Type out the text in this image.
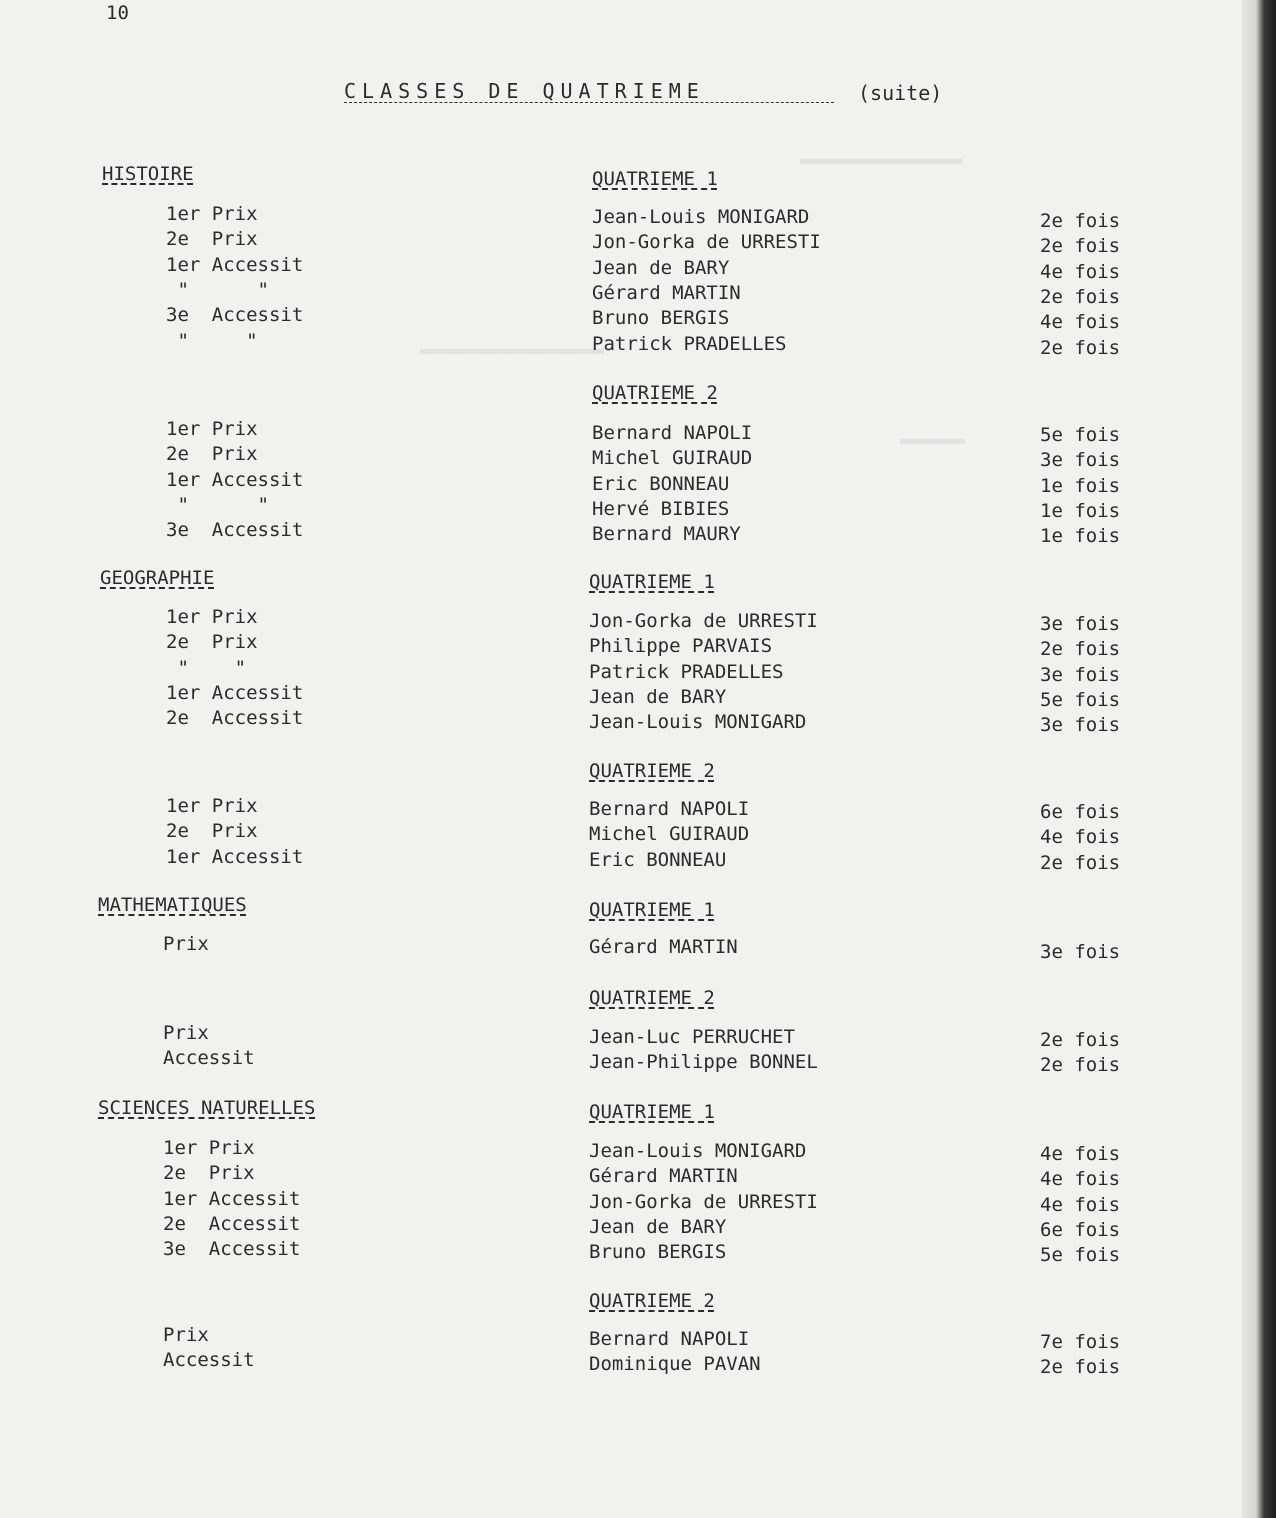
▬▬▬▬▬▬▬▬▬▬▬▬▬▬▬
▬▬▬▬▬▬▬▬▬▬▬▬▬▬▬▬▬
▬▬▬▬▬▬
10
CLASSES DE QUATRIEME	(suite)
HISTOIRE	QUATRIEME 1
1er Prix	Jean-Louis MONIGARD	2e fois
2e  Prix	Jon-Gorka de URRESTI	2e fois
1er Accessit	Jean de BARY	4e fois
"      "	Gérard MARTIN	2e fois
3e  Accessit	Bruno BERGIS	4e fois
"     "	Patrick PRADELLES	2e fois
QUATRIEME 2
1er Prix	Bernard NAPOLI	5e fois
2e  Prix	Michel GUIRAUD	3e fois
1er Accessit	Eric BONNEAU	1e fois
"      "	Hervé BIBIES	1e fois
3e  Accessit	Bernard MAURY	1e fois
GEOGRAPHIE	QUATRIEME 1
1er Prix	Jon-Gorka de URRESTI	3e fois
2e  Prix	Philippe PARVAIS	2e fois
"    "	Patrick PRADELLES	3e fois
1er Accessit	Jean de BARY	5e fois
2e  Accessit	Jean-Louis MONIGARD	3e fois
QUATRIEME 2
1er Prix	Bernard NAPOLI	6e fois
2e  Prix	Michel GUIRAUD	4e fois
1er Accessit	Eric BONNEAU	2e fois
MATHEMATIQUES	QUATRIEME 1
Prix	Gérard MARTIN	3e fois
QUATRIEME 2
Prix	Jean-Luc PERRUCHET	2e fois
Accessit	Jean-Philippe BONNEL	2e fois
SCIENCES NATURELLES	QUATRIEME 1
1er Prix	Jean-Louis MONIGARD	4e fois
2e  Prix	Gérard MARTIN	4e fois
1er Accessit	Jon-Gorka de URRESTI	4e fois
2e  Accessit	Jean de BARY	6e fois
3e  Accessit	Bruno BERGIS	5e fois
QUATRIEME 2
Prix	Bernard NAPOLI	7e fois
Accessit	Dominique PAVAN	2e fois
